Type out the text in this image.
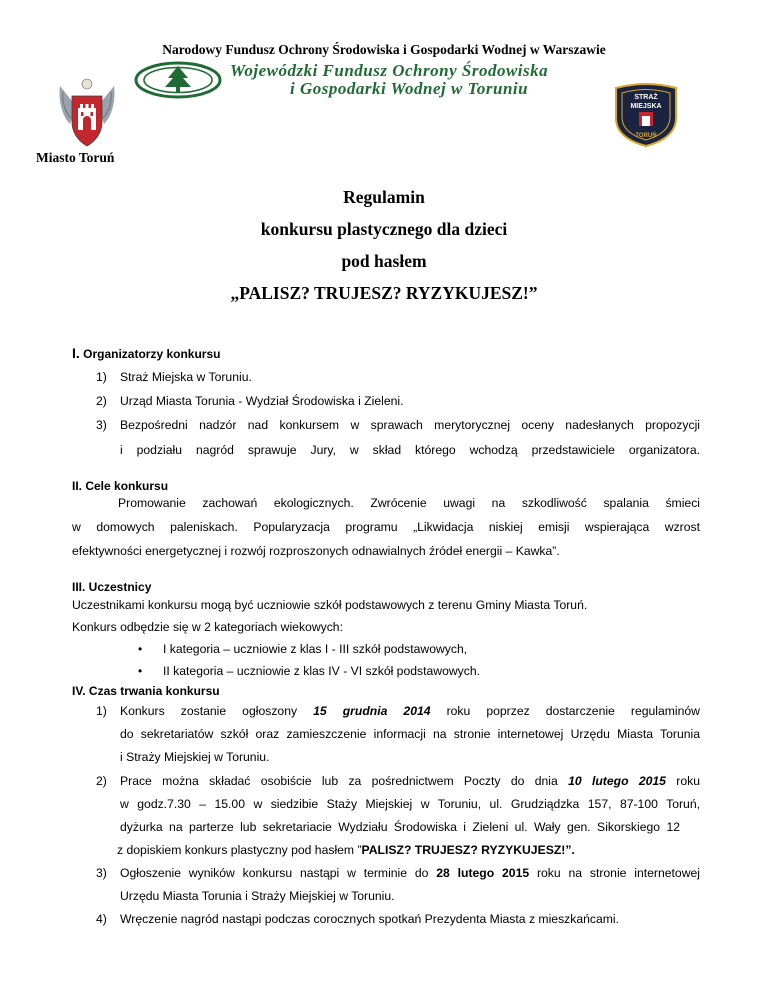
Narodowy Fundusz Ochrony Środowiska i Gospodarki Wodnej w Warszawie
Wojewódzki Fundusz Ochrony Środowiska
i Gospodarki Wodnej w Toruniu	STRAŻ
MIEJSKA
TORUŃ
Miasto Toruń
Regulamin
konkursu plastycznego dla dzieci
pod hasłem
„PALISZ? TRUJESZ? RYZYKUJESZ!”
I. Organizatorzy konkursu
1) Straż Miejska w Toruniu.
2) Urząd Miasta Torunia - Wydział Środowiska i Zieleni.
3) Bezpośredni nadzór nad konkursem w sprawach merytorycznej oceny nadesłanych propozycji
i podziału nagród sprawuje Jury, w skład którego wchodzą przedstawiciele organizatora.
II. Cele konkursu
Promowanie zachowań ekologicznych. Zwrócenie uwagi na szkodliwość spalania śmieci
w domowych paleniskach. Popularyzacja programu „Likwidacja niskiej emisji wspierająca wzrost
efektywności energetycznej i rozwój rozproszonych odnawialnych źródeł energii – Kawka”.
III. Uczestnicy
Uczestnikami konkursu mogą być uczniowie szkół podstawowych z terenu Gminy Miasta Toruń.
Konkurs odbędzie się w 2 kategoriach wiekowych:
• I kategoria – uczniowie z klas I - III szkół podstawowych,
• II kategoria – uczniowie z klas IV - VI szkół podstawowych.
IV. Czas trwania konkursu
1) Konkurs zostanie ogłoszony 15 grudnia 2014 roku poprzez dostarczenie regulaminów
do sekretariatów szkół oraz zamieszczenie informacji na stronie internetowej Urzędu Miasta Torunia
i Straży Miejskiej w Toruniu.
2) Prace można składać osobiście lub za pośrednictwem Poczty do dnia 10 lutego 2015 roku
w godz.7.30 – 15.00 w siedzibie Staży Miejskiej w Toruniu, ul. Grudziądzka 157, 87-100 Toruń,
dyżurka na parterze lub sekretariacie Wydziału Środowiska i Zieleni ul. Wały gen. Sikorskiego 12
z dopiskiem konkurs plastyczny pod hasłem ”PALISZ? TRUJESZ? RYZYKUJESZ!”.
3) Ogłoszenie wyników konkursu nastąpi w terminie do 28 lutego 2015 roku na stronie internetowej
Urzędu Miasta Torunia i Straży Miejskiej w Toruniu.
4) Wręczenie nagród nastąpi podczas corocznych spotkań Prezydenta Miasta z mieszkańcami.
